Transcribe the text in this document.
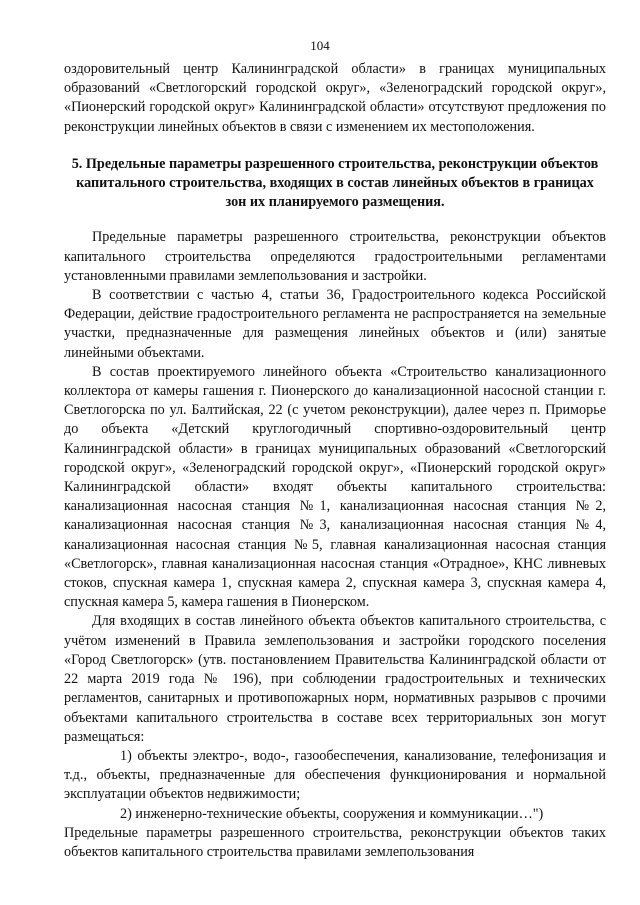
104

оздоровительный центр Калининградской области» в границах муниципальных образований «Светлогорский городской округ», «Зеленоградский городской округ», «Пионерский городской округ» Калининградской области» отсутствуют предложения по реконструкции линейных объектов в связи с изменением их местоположения.

5. Предельные параметры разрешенного строительства, реконструкции объектов капитального строительства, входящих в состав линейных объектов в границах зон их планируемого размещения.

Предельные параметры разрешенного строительства, реконструкции объектов капитального строительства определяются градостроительными регламентами установленными правилами землепользования и застройки.

В соответствии с частью 4, статьи 36, Градостроительного кодекса Российской Федерации, действие градостроительного регламента не распространяется на земельные участки, предназначенные для размещения линейных объектов и (или) занятые линейными объектами.

В состав проектируемого линейного объекта «Строительство канализационного коллектора от камеры гашения г. Пионерского до канализационной насосной станции г. Светлогорска по ул. Балтийская, 22 (с учетом реконструкции), далее через п. Приморье до объекта «Детский круглогодичный спортивно-оздоровительный центр Калининградской области» в границах муниципальных образований «Светлогорский городской округ», «Зеленоградский городской округ», «Пионерский городской округ» Калининградской области» входят объекты капитального строительства: канализационная насосная станция №1, канализационная насосная станция №2, канализационная насосная станция №3, канализационная насосная станция №4, канализационная насосная станция №5, главная канализационная насосная станция «Светлогорск», главная канализационная насосная станция «Отрадное», КНС ливневых стоков, спускная камера 1, спускная камера 2, спускная камера 3, спускная камера 4, спускная камера 5, камера гашения в Пионерском.

Для входящих в состав линейного объекта объектов капитального строительства, с учётом изменений в Правила землепользования и застройки городского поселения «Город Светлогорск» (утв. постановлением Правительства Калининградской области от 22 марта 2019 года № 196), при соблюдении градостроительных и технических регламентов, санитарных и противопожарных норм, нормативных разрывов с прочими объектами капитального строительства в составе всех территориальных зон могут размещаться:

1) объекты электро-, водо-, газообеспечения, канализование, телефонизация и т.д., объекты, предназначенные для обеспечения функционирования и нормальной эксплуатации объектов недвижимости;

2) инженерно-технические объекты, сооружения и коммуникации…")

Предельные параметры разрешенного строительства, реконструкции объектов таких объектов капитального строительства правилами землепользования
